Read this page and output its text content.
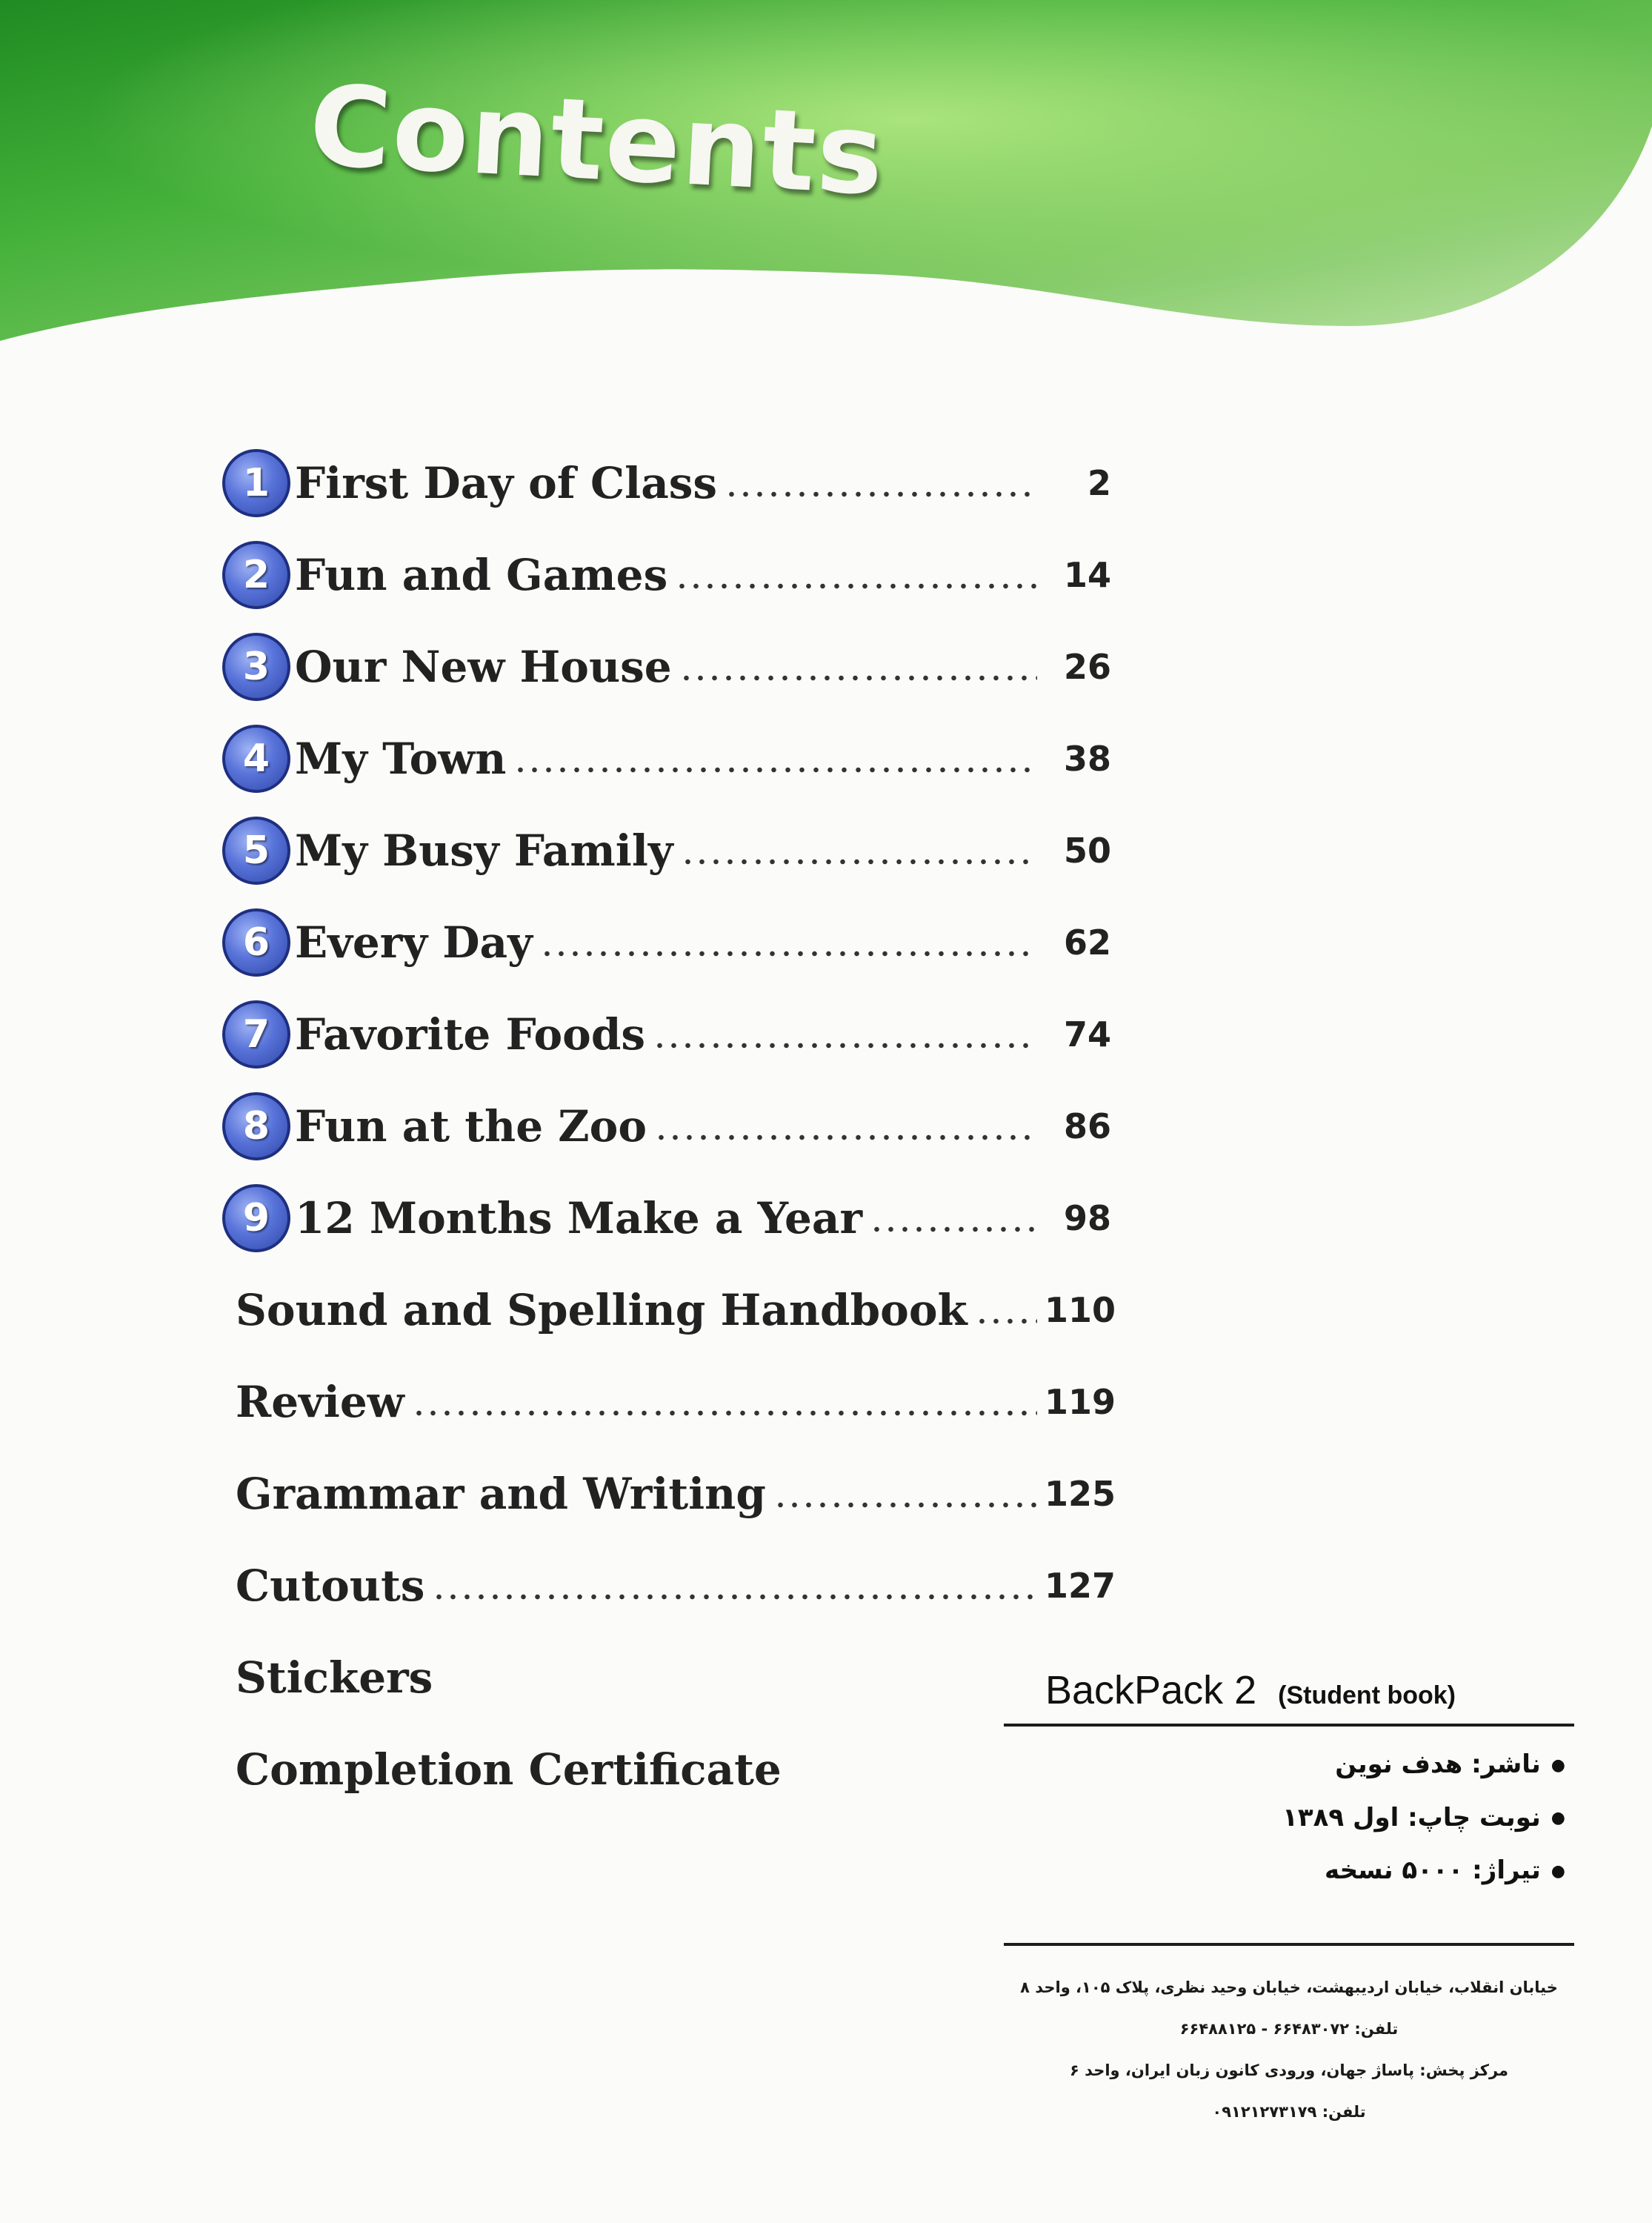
Contents
1 First Day of Class	2
2 Fun and Games	14
3 Our New House	26
4 My Town	38
5 My Busy Family	50
6 Every Day	62
7 Favorite Foods	74
8 Fun at the Zoo	86
9 12 Months Make a Year	98
Sound and Spelling Handbook 110
Review	119
Grammar and Writing	125
Cutouts	127
Stickers
Completion Certificate
BackPack 2 (Student book)
● ناشر: هدف نوین
● نوبت چاپ: اول ۱۳۸۹
● تیراژ: ۵۰۰۰ نسخه
خیابان انقلاب، خیابان اردیبهشت، خیابان وحید نظری، پلاک ۱۰۵، واحد ۸
تلفن: ۶۶۴۸۳۰۷۲ - ۶۶۴۸۸۱۲۵
مرکز پخش: پاساژ جهان، ورودی کانون زبان ایران، واحد ۶
تلفن: ۰۹۱۲۱۲۷۳۱۷۹
